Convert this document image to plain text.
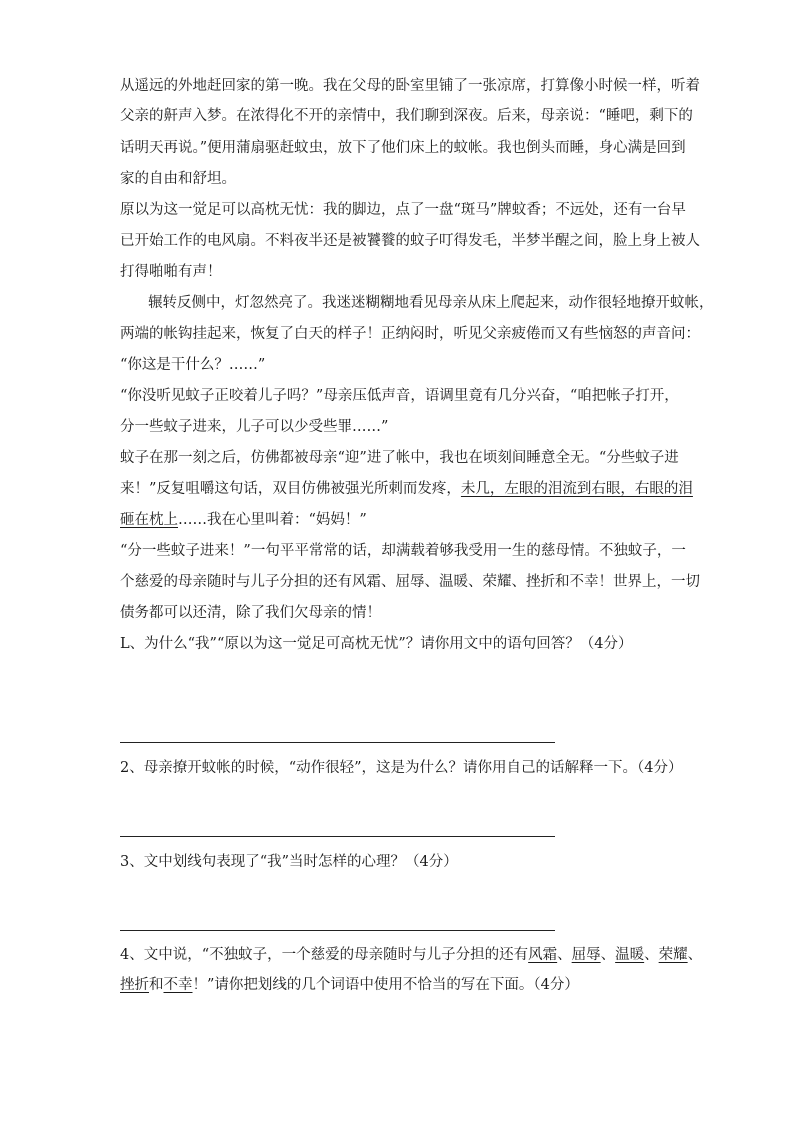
从遥远的外地赶回家的第一晚。我在父母的卧室里铺了一张凉席，打算像小时候一样，听着
父亲的鼾声入梦。在浓得化不开的亲情中，我们聊到深夜。后来，母亲说：“睡吧，剩下的
话明天再说。”便用蒲扇驱赶蚊虫，放下了他们床上的蚊帐。我也倒头而睡，身心满是回到
家的自由和舒坦。
原以为这一觉足可以高枕无忧：我的脚边，点了一盘“斑马”牌蚊香；不远处，还有一台早
已开始工作的电风扇。不料夜半还是被饕餮的蚊子叮得发毛，半梦半醒之间，脸上身上被人
打得啪啪有声！
辗转反侧中，灯忽然亮了。我迷迷糊糊地看见母亲从床上爬起来，动作很轻地撩开蚊帐，
两端的帐钩挂起来，恢复了白天的样子！正纳闷时，听见父亲疲倦而又有些恼怒的声音问：
“你这是干什么？……”
“你没听见蚊子正咬着儿子吗？”母亲压低声音，语调里竟有几分兴奋，“咱把帐子打开，
分一些蚊子进来，儿子可以少受些罪……”
蚊子在那一刻之后，仿佛都被母亲“迎”进了帐中，我也在顷刻间睡意全无。“分些蚊子进
来！”反复咀嚼这句话，双目仿佛被强光所刺而发疼，未几，左眼的泪流到右眼，右眼的泪
砸在枕上……我在心里叫着：“妈妈！”
“分一些蚊子进来！”一句平平常常的话，却满载着够我受用一生的慈母情。不独蚊子，一
个慈爱的母亲随时与儿子分担的还有风霜、屈辱、温暖、荣耀、挫折和不幸！世界上，一切
债务都可以还清，除了我们欠母亲的情！
L、为什么“我”“原以为这一觉足可高枕无忧”？请你用文中的语句回答？（4分）
2、母亲撩开蚊帐的时候，“动作很轻”，这是为什么？请你用自己的话解释一下。（4分）
3、文中划线句表现了“我”当时怎样的心理？（4分）
4、文中说，“不独蚊子，一个慈爱的母亲随时与儿子分担的还有风霜、屈辱、温暖、荣耀、
挫折和不幸！”请你把划线的几个词语中使用不恰当的写在下面。（4分）
